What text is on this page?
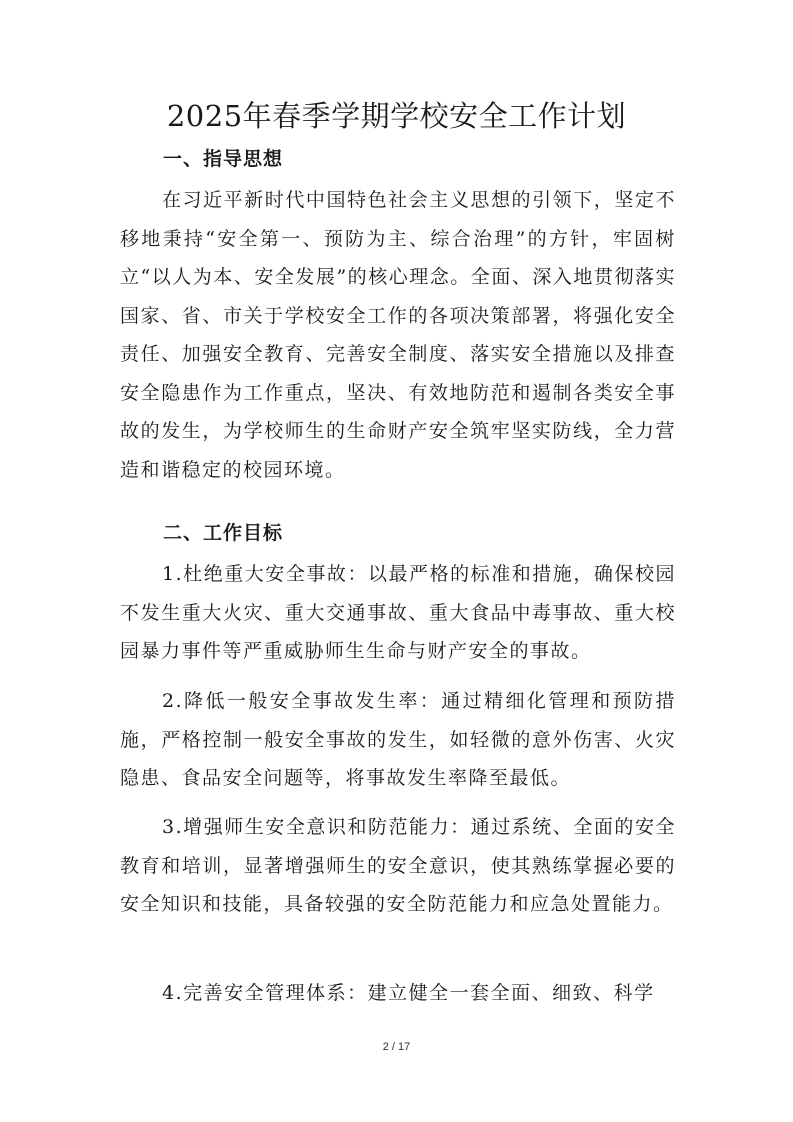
2025年春季学期学校安全工作计划
一、指导思想

在习近平新时代中国特色社会主义思想的引领下，坚定不移地秉持“安全第一、预防为主、综合治理”的方针，牢固树立“以人为本、安全发展”的核心理念。全面、深入地贯彻落实国家、省、市关于学校安全工作的各项决策部署，将强化安全责任、加强安全教育、完善安全制度、落实安全措施以及排查安全隐患作为工作重点，坚决、有效地防范和遏制各类安全事故的发生，为学校师生的生命财产安全筑牢坚实防线，全力营造和谐稳定的校园环境。

二、工作目标

1.杜绝重大安全事故：以最严格的标准和措施，确保校园不发生重大火灾、重大交通事故、重大食品中毒事故、重大校园暴力事件等严重威胁师生生命与财产安全的事故。

2.降低一般安全事故发生率：通过精细化管理和预防措施，严格控制一般安全事故的发生，如轻微的意外伤害、火灾隐患、食品安全问题等，将事故发生率降至最低。

3.增强师生安全意识和防范能力：通过系统、全面的安全教育和培训，显著增强师生的安全意识，使其熟练掌握必要的安全知识和技能，具备较强的安全防范能力和应急处置能力。

4.完善安全管理体系：建立健全一套全面、细致、科学

2 / 17
